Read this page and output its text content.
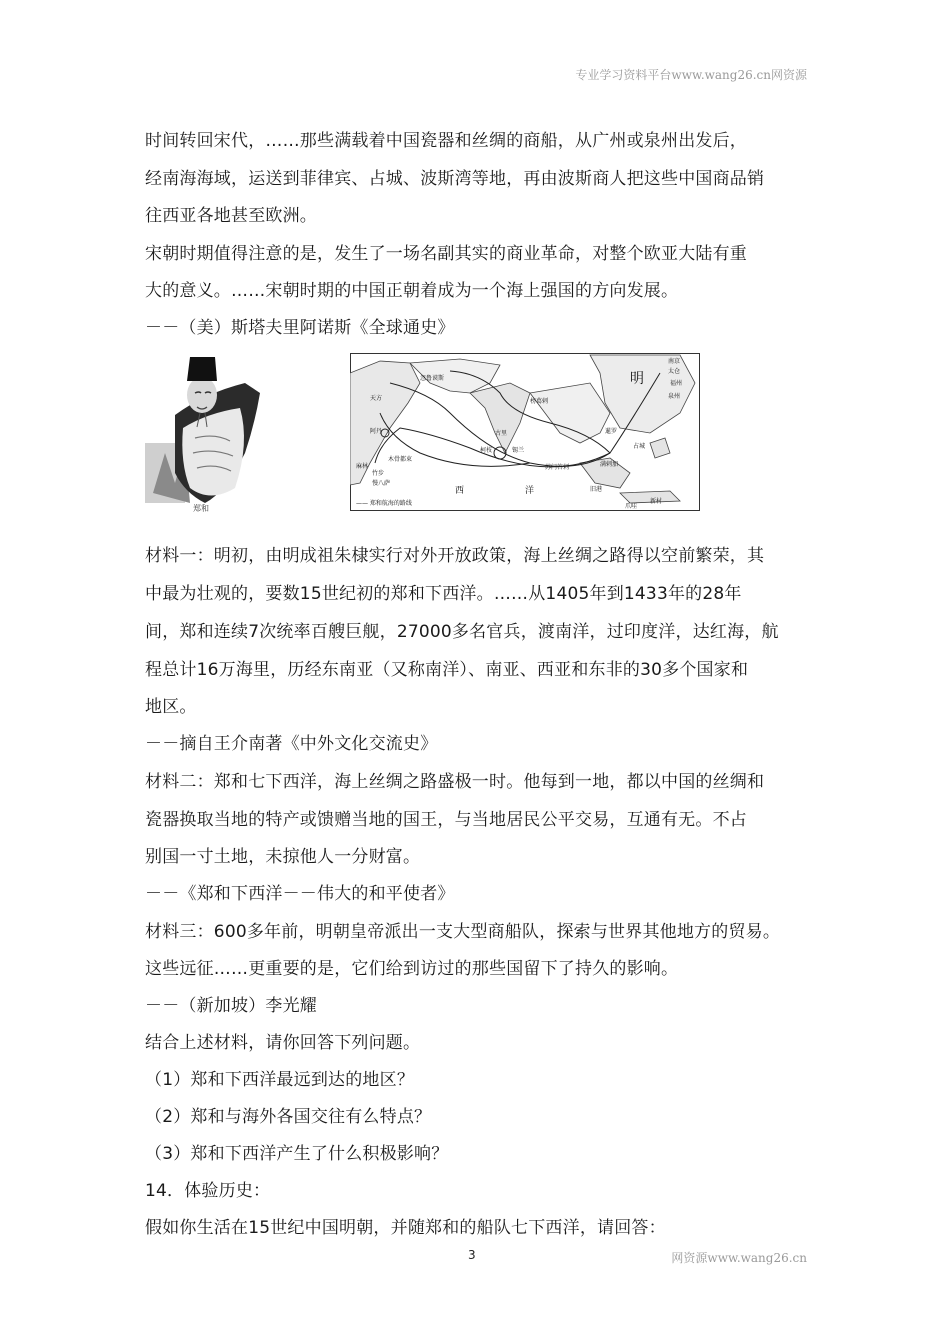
专业学习资料平台www.wang26.cn网资源
时间转回宋代，……那些满载着中国瓷器和丝绸的商船，从广州或泉州出发后，
经南海海域，运送到菲律宾、占城、波斯湾等地，再由波斯商人把这些中国商品销
往西亚各地甚至欧洲。
宋朝时期值得注意的是，发生了一场名副其实的商业革命，对整个欧亚大陆有重
大的意义。……宋朝时期的中国正朝着成为一个海上强国的方向发展。
－－（美）斯塔夫里阿诺斯《全球通史》
郑和
明
西	洋
天方
阿丹
忽鲁谟斯
古里
柯枝	锡兰
满剌加
苏门答剌
旧港
爪哇
占城
暹罗
南京
太仓
福州
泉州
木骨都束
麻林
竹步
慢八萨
榜葛剌
新村
—— 郑和航海的路线
材料一：明初，由明成祖朱棣实行对外开放政策，海上丝绸之路得以空前繁荣，其
中最为壮观的，要数15世纪初的郑和下西洋。……从1405年到1433年的28年
间，郑和连续7次统率百艘巨舰，27000多名官兵，渡南洋，过印度洋，达红海，航
程总计16万海里，历经东南亚（又称南洋）、南亚、西亚和东非的30多个国家和
地区。
－－摘自王介南著《中外文化交流史》
材料二：郑和七下西洋，海上丝绸之路盛极一时。他每到一地，都以中国的丝绸和
瓷器换取当地的特产或馈赠当地的国王，与当地居民公平交易，互通有无。不占
别国一寸土地，未掠他人一分财富。
－－《郑和下西洋－－伟大的和平使者》
材料三：600多年前，明朝皇帝派出一支大型商船队，探索与世界其他地方的贸易。
这些远征……更重要的是，它们给到访过的那些国留下了持久的影响。
－－（新加坡）李光耀
结合上述材料，请你回答下列问题。
（1）郑和下西洋最远到达的地区？
（2）郑和与海外各国交往有么特点？
（3）郑和下西洋产生了什么积极影响？
14．体验历史：
假如你生活在15世纪中国明朝，并随郑和的船队七下西洋，请回答：
3	网资源www.wang26.cn
